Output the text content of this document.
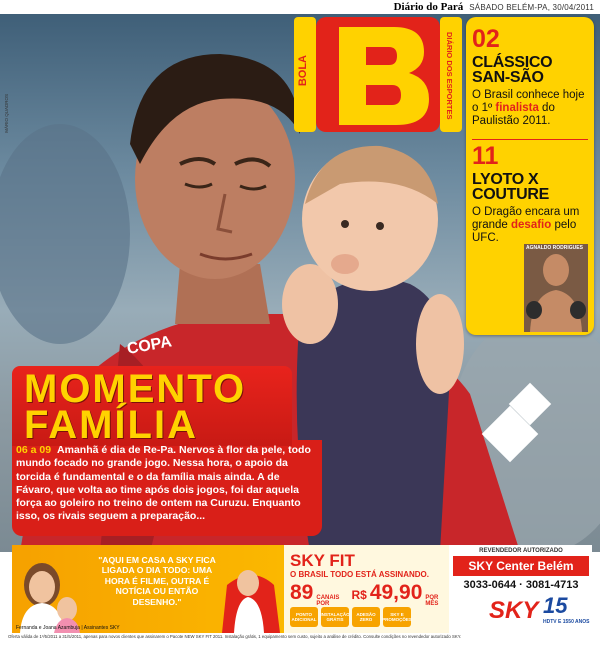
Diário do Pará SÁBADO BELÉM-PA, 30/04/2011
COPA
MÁRIO QUADROS
BOLA	DIÁRIO DOS ESPORTES 02
CLÁSSICO
SAN-SÃO
O Brasil conhece hoje o 1º finalista do Paulistão 2011.
11
LYOTO X
COUTURE
O Dragão encara um grande desafio pelo UFC.
AGNALDO RODRIGUES
MOMENTO
FAMÍLIA
06 a 09 Amanhã é dia de Re-Pa. Nervos à flor da pele, todo mundo focado no grande jogo. Nessa hora, o apoio da torcida é fundamental e o da família mais ainda. A de Fávaro, que volta ao time após dois jogos, foi dar aquela força ao goleiro no treino de ontem na Curuzu. Enquanto isso, os rivais seguem a preparação...
"AQUI EM CASA A SKY FICA LIGADA O DIA TODO: UMA HORA É FILME, OUTRA É NOTÍCIA OU ENTÃO DESENHO."
Fernanda e Joana Azambuja | Assinantes SKY
SKY FIT
O BRASIL TODO ESTÁ ASSINANDO.
89 CANAIS POR
R$ 49,90 POR MÊS
PONTO ADICIONAL
INSTALAÇÃO GRÁTIS
ADESÃO ZERO
SKY E PROMOÇÕES
REVENDEDOR AUTORIZADO
SKY Center Belém
3033-0644 · 3081-4713
SKY 15
HDTV E 1550 ANOS
Oferta válida de 1º/5/2011 a 31/5/2011, apenas para novos clientes que assinarem o Pacote NEW SKY FIT 2011. Instalação grátis, 1 equipamento sem custo, sujeito a análise de crédito. Consulte condições no revendedor autorizado SKY.
